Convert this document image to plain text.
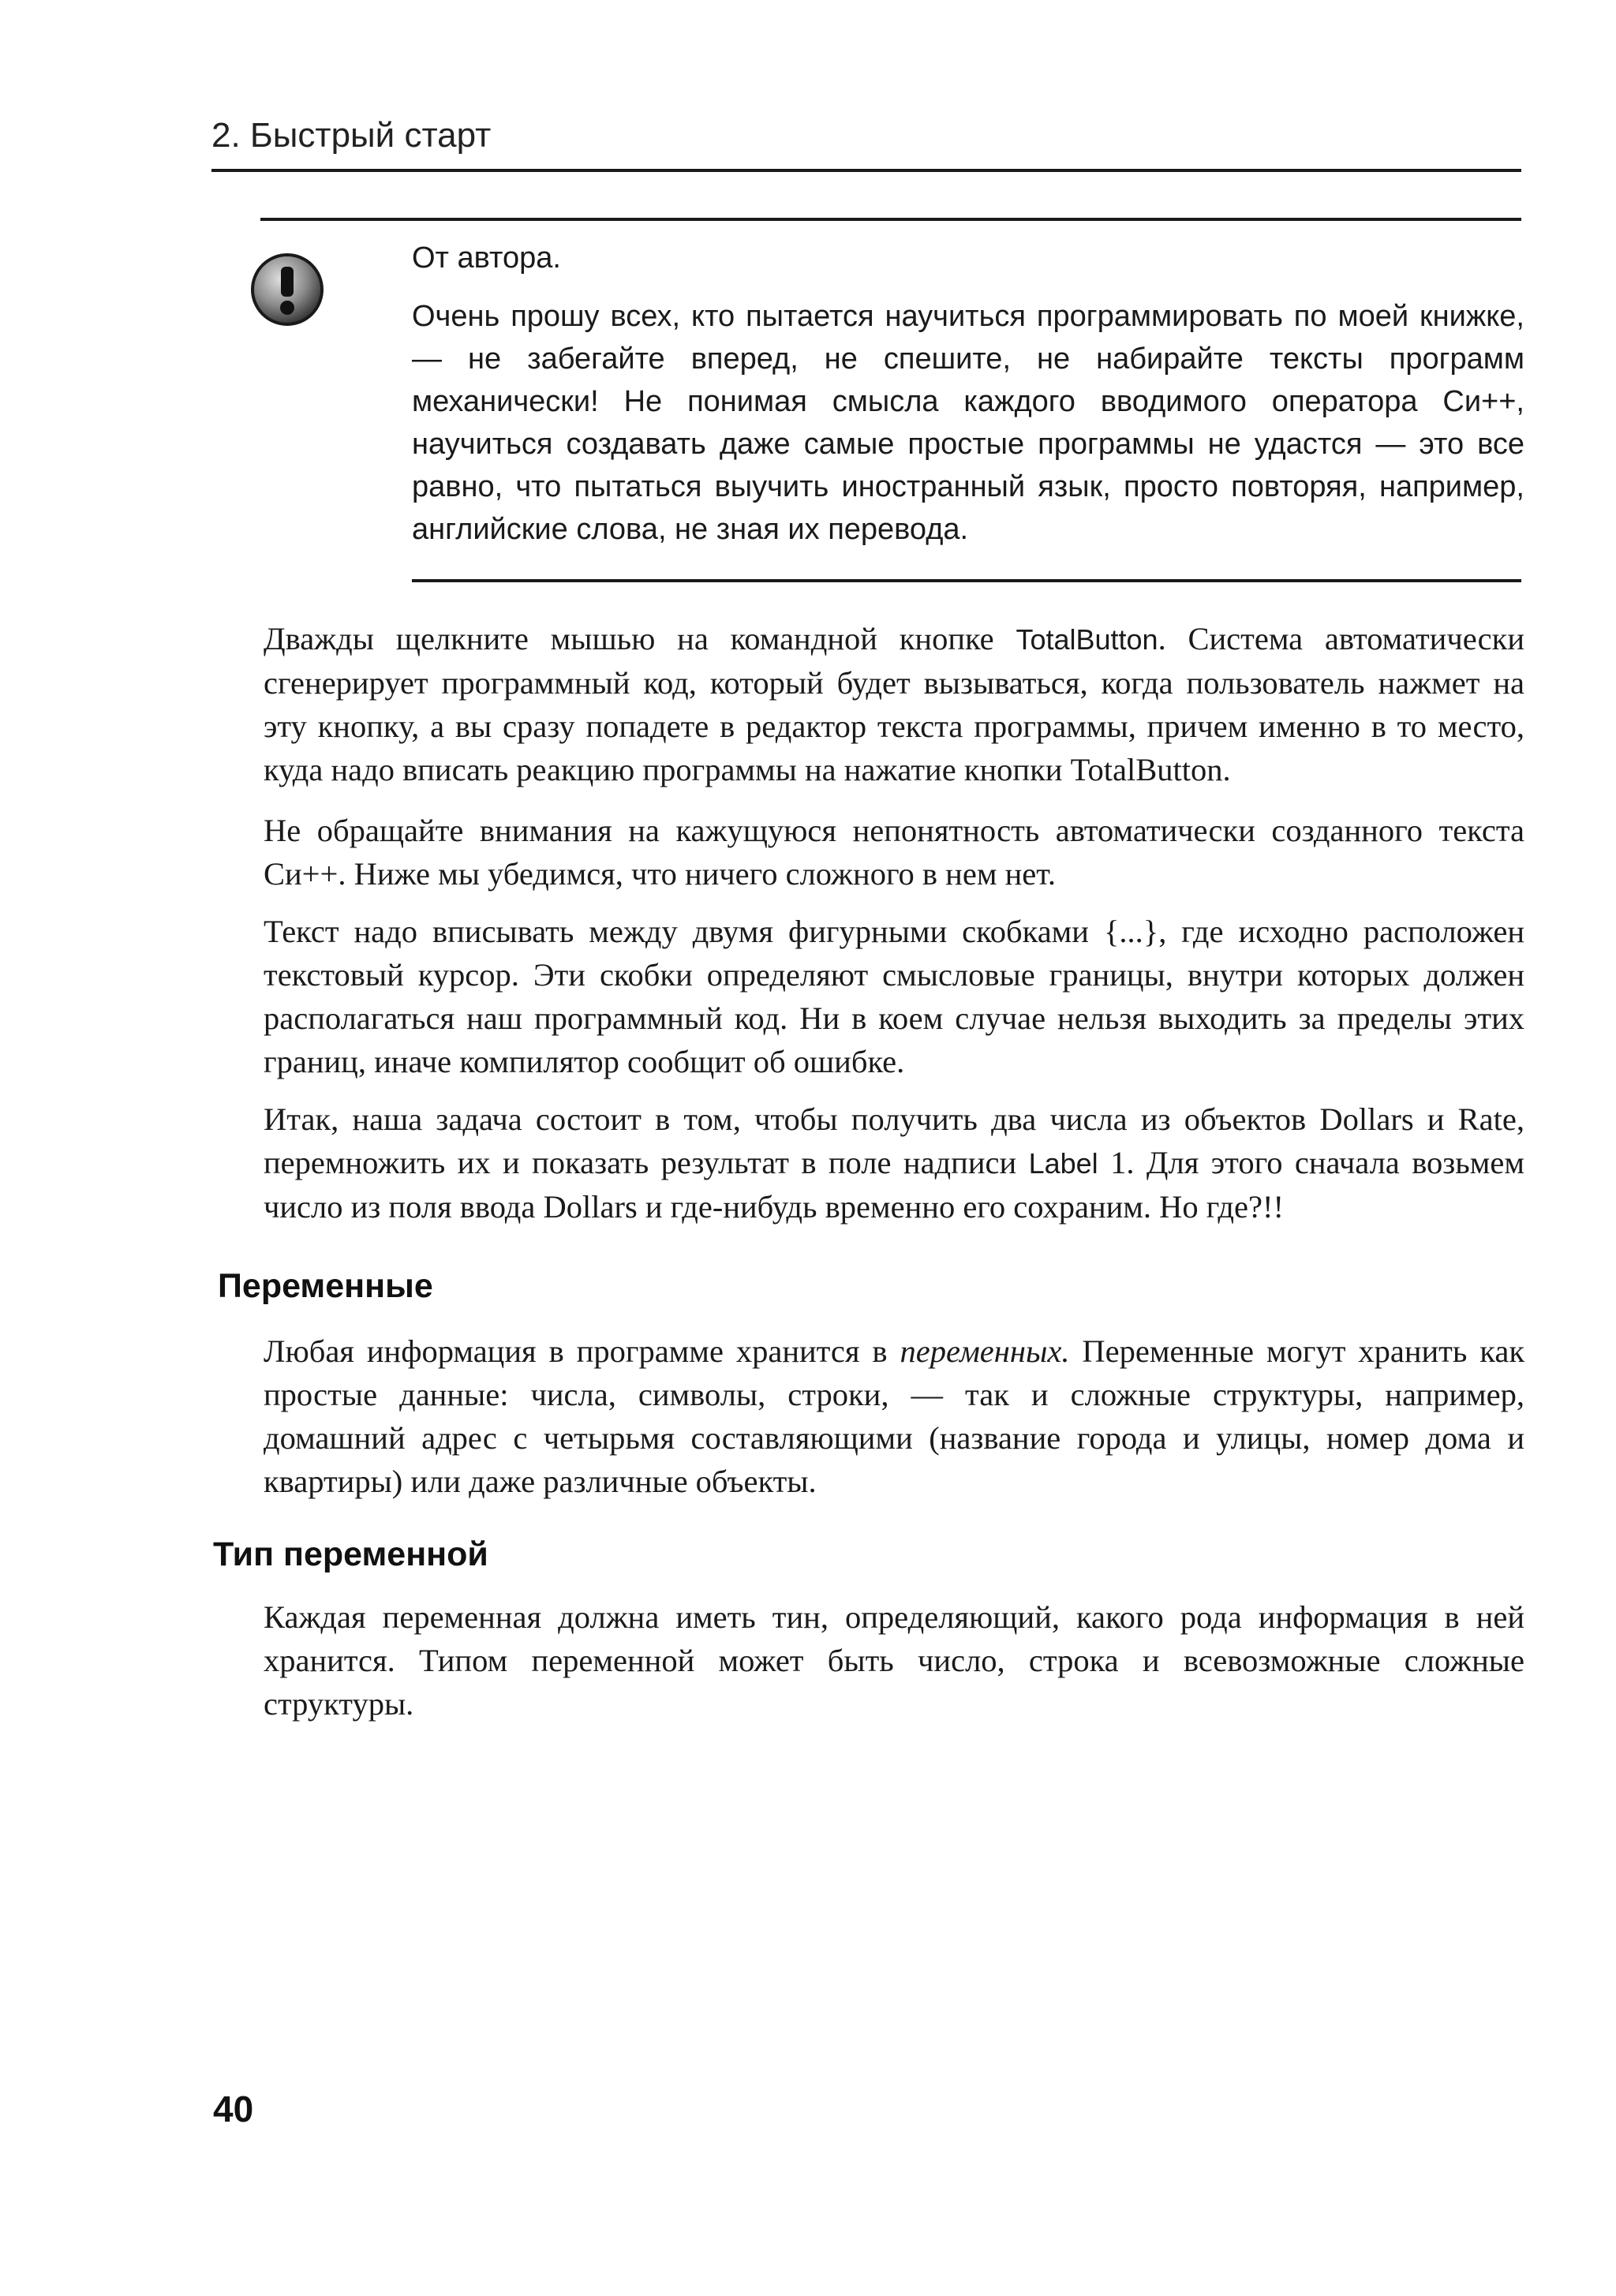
2. Быстрый старт

От автора.

Очень прошу всех, кто пытается научиться программировать по моей книжке, — не забегайте вперед, не спешите, не набирайте тексты программ механически! Не понимая смысла каждого вводимого оператора Си++, научиться создавать даже самые простые программы не удастся — это все равно, что пытаться выучить иностранный язык, просто повторяя, например, английские слова, не зная их перевода.

Дважды щелкните мышью на командной кнопке TotalButton. Система автоматически сгенерирует программный код, который будет вызываться, когда пользователь нажмет на эту кнопку, а вы сразу попадете в редактор текста программы, причем именно в то место, куда надо вписать реакцию программы на нажатие кнопки TotalButton.

Не обращайте внимания на кажущуюся непонятность автоматически созданного текста Си++. Ниже мы убедимся, что ничего сложного в нем нет.

Текст надо вписывать между двумя фигурными скобками {...}, где исходно расположен текстовый курсор. Эти скобки определяют смысловые границы, внутри которых должен располагаться наш программный код. Ни в коем случае нельзя выходить за пределы этих границ, иначе компилятор сообщит об ошибке.

Итак, наша задача состоит в том, чтобы получить два числа из объектов Dollars и Rate, перемножить их и показать результат в поле надписи Label 1. Для этого сначала возьмем число из поля ввода Dollars и где-нибудь временно его сохраним. Но где?!!

Переменные

Любая информация в программе хранится в переменных. Переменные могут хранить как простые данные: числа, символы, строки, — так и сложные структуры, например, домашний адрес с четырьмя составляющими (название города и улицы, номер дома и квартиры) или даже различные объекты.

Тип переменной

Каждая переменная должна иметь тин, определяющий, какого рода информация в ней хранится. Типом переменной может быть число, строка и всевозможные сложные структуры.

40
